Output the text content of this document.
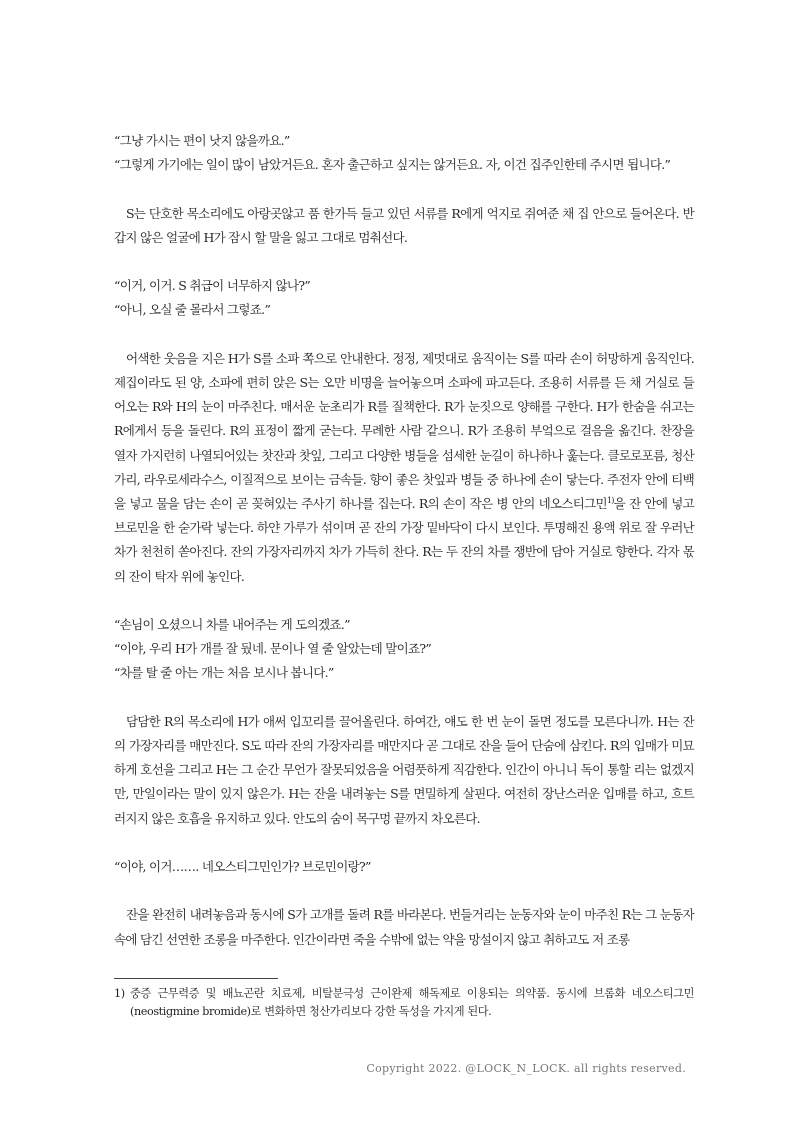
“그냥 가시는 편이 낫지 않을까요.”

“그렇게 가기에는 일이 많이 남았거든요. 혼자 출근하고 싶지는 않거든요. 자, 이건 집주인한테 주시면 됩니다.”

S는 단호한 목소리에도 아랑곳않고 품 한가득 들고 있던 서류를 R에게 억지로 쥐여준 채 집 안으로 들어온다. 반갑지 않은 얼굴에 H가 잠시 할 말을 잃고 그대로 멈춰선다.

“이거, 이거. S 취급이 너무하지 않나?”

“아니, 오실 줄 몰라서 그렇죠.”

어색한 웃음을 지은 H가 S를 소파 쪽으로 안내한다. 정정, 제멋대로 움직이는 S를 따라 손이 허망하게 움직인다. 제집이라도 된 양, 소파에 편히 앉은 S는 오만 비명을 늘어놓으며 소파에 파고든다. 조용히 서류를 든 채 거실로 들어오는 R와 H의 눈이 마주친다. 매서운 눈초리가 R를 질책한다. R가 눈짓으로 양해를 구한다. H가 한숨을 쉬고는 R에게서 등을 돌린다. R의 표정이 짧게 굳는다. 무례한 사람 같으니. R가 조용히 부엌으로 걸음을 옮긴다. 찬장을 열자 가지런히 나열되어있는 찻잔과 찻잎, 그리고 다양한 병들을 섬세한 눈길이 하나하나 훑는다. 클로로포름, 청산가리, 라우로세라수스, 이질적으로 보이는 금속들. 향이 좋은 찻잎과 병들 중 하나에 손이 닿는다. 주전자 안에 티백을 넣고 물을 담는 손이 곧 꽂혀있는 주사기 하나를 집는다. R의 손이 작은 병 안의 네오스티그민$^{1)}$을 잔 안에 넣고 브로민을 한 숟가락 넣는다. 하얀 가루가 섞이며 곧 잔의 가장 밑바닥이 다시 보인다. 투명해진 용액 위로 잘 우러난 차가 천천히 쏟아진다. 잔의 가장자리까지 차가 가득히 찬다. R는 두 잔의 차를 쟁반에 담아 거실로 향한다. 각자 몫의 잔이 탁자 위에 놓인다.

“손님이 오셨으니 차를 내어주는 게 도의겠죠.”

“이야, 우리 H가 개를 잘 뒀네. 문이나 열 줄 알았는데 말이죠?”

“차를 탈 줄 아는 개는 처음 보시나 봅니다.”

담담한 R의 목소리에 H가 애써 입꼬리를 끌어올린다. 하여간, 얘도 한 번 눈이 돌면 정도를 모른다니까. H는 잔의 가장자리를 매만진다. S도 따라 잔의 가장자리를 매만지다 곧 그대로 잔을 들어 단숨에 삼킨다. R의 입매가 미묘하게 호선을 그리고 H는 그 순간 무언가 잘못되었음을 어렴풋하게 직감한다. 인간이 아니니 독이 통할 리는 없겠지만, 만일이라는 말이 있지 않은가. H는 잔을 내려놓는 S를 면밀하게 살핀다. 여전히 장난스러운 입매를 하고, 흐트러지지 않은 호흡을 유지하고 있다. 안도의 숨이 목구멍 끝까지 차오른다.

“이야, 이거……. 네오스티그민인가? 브로민이랑?”

잔을 완전히 내려놓음과 동시에 S가 고개를 돌려 R를 바라본다. 번들거리는 눈동자와 눈이 마주친 R는 그 눈동자 속에 담긴 선연한 조롱을 마주한다. 인간이라면 죽을 수밖에 없는 약을 망설이지 않고 취하고도 저 조롱

1) 중증 근무력증 및 배뇨곤란 치료제, 비탈분극성 근이완제 해독제로 이용되는 의약품. 동시에 브롬화 네오스티그민(neostigmine bromide)로 변화하면 청산가리보다 강한 독성을 가지게 된다.
Copyright 2022. @LOCK_N_LOCK. all rights reserved.
